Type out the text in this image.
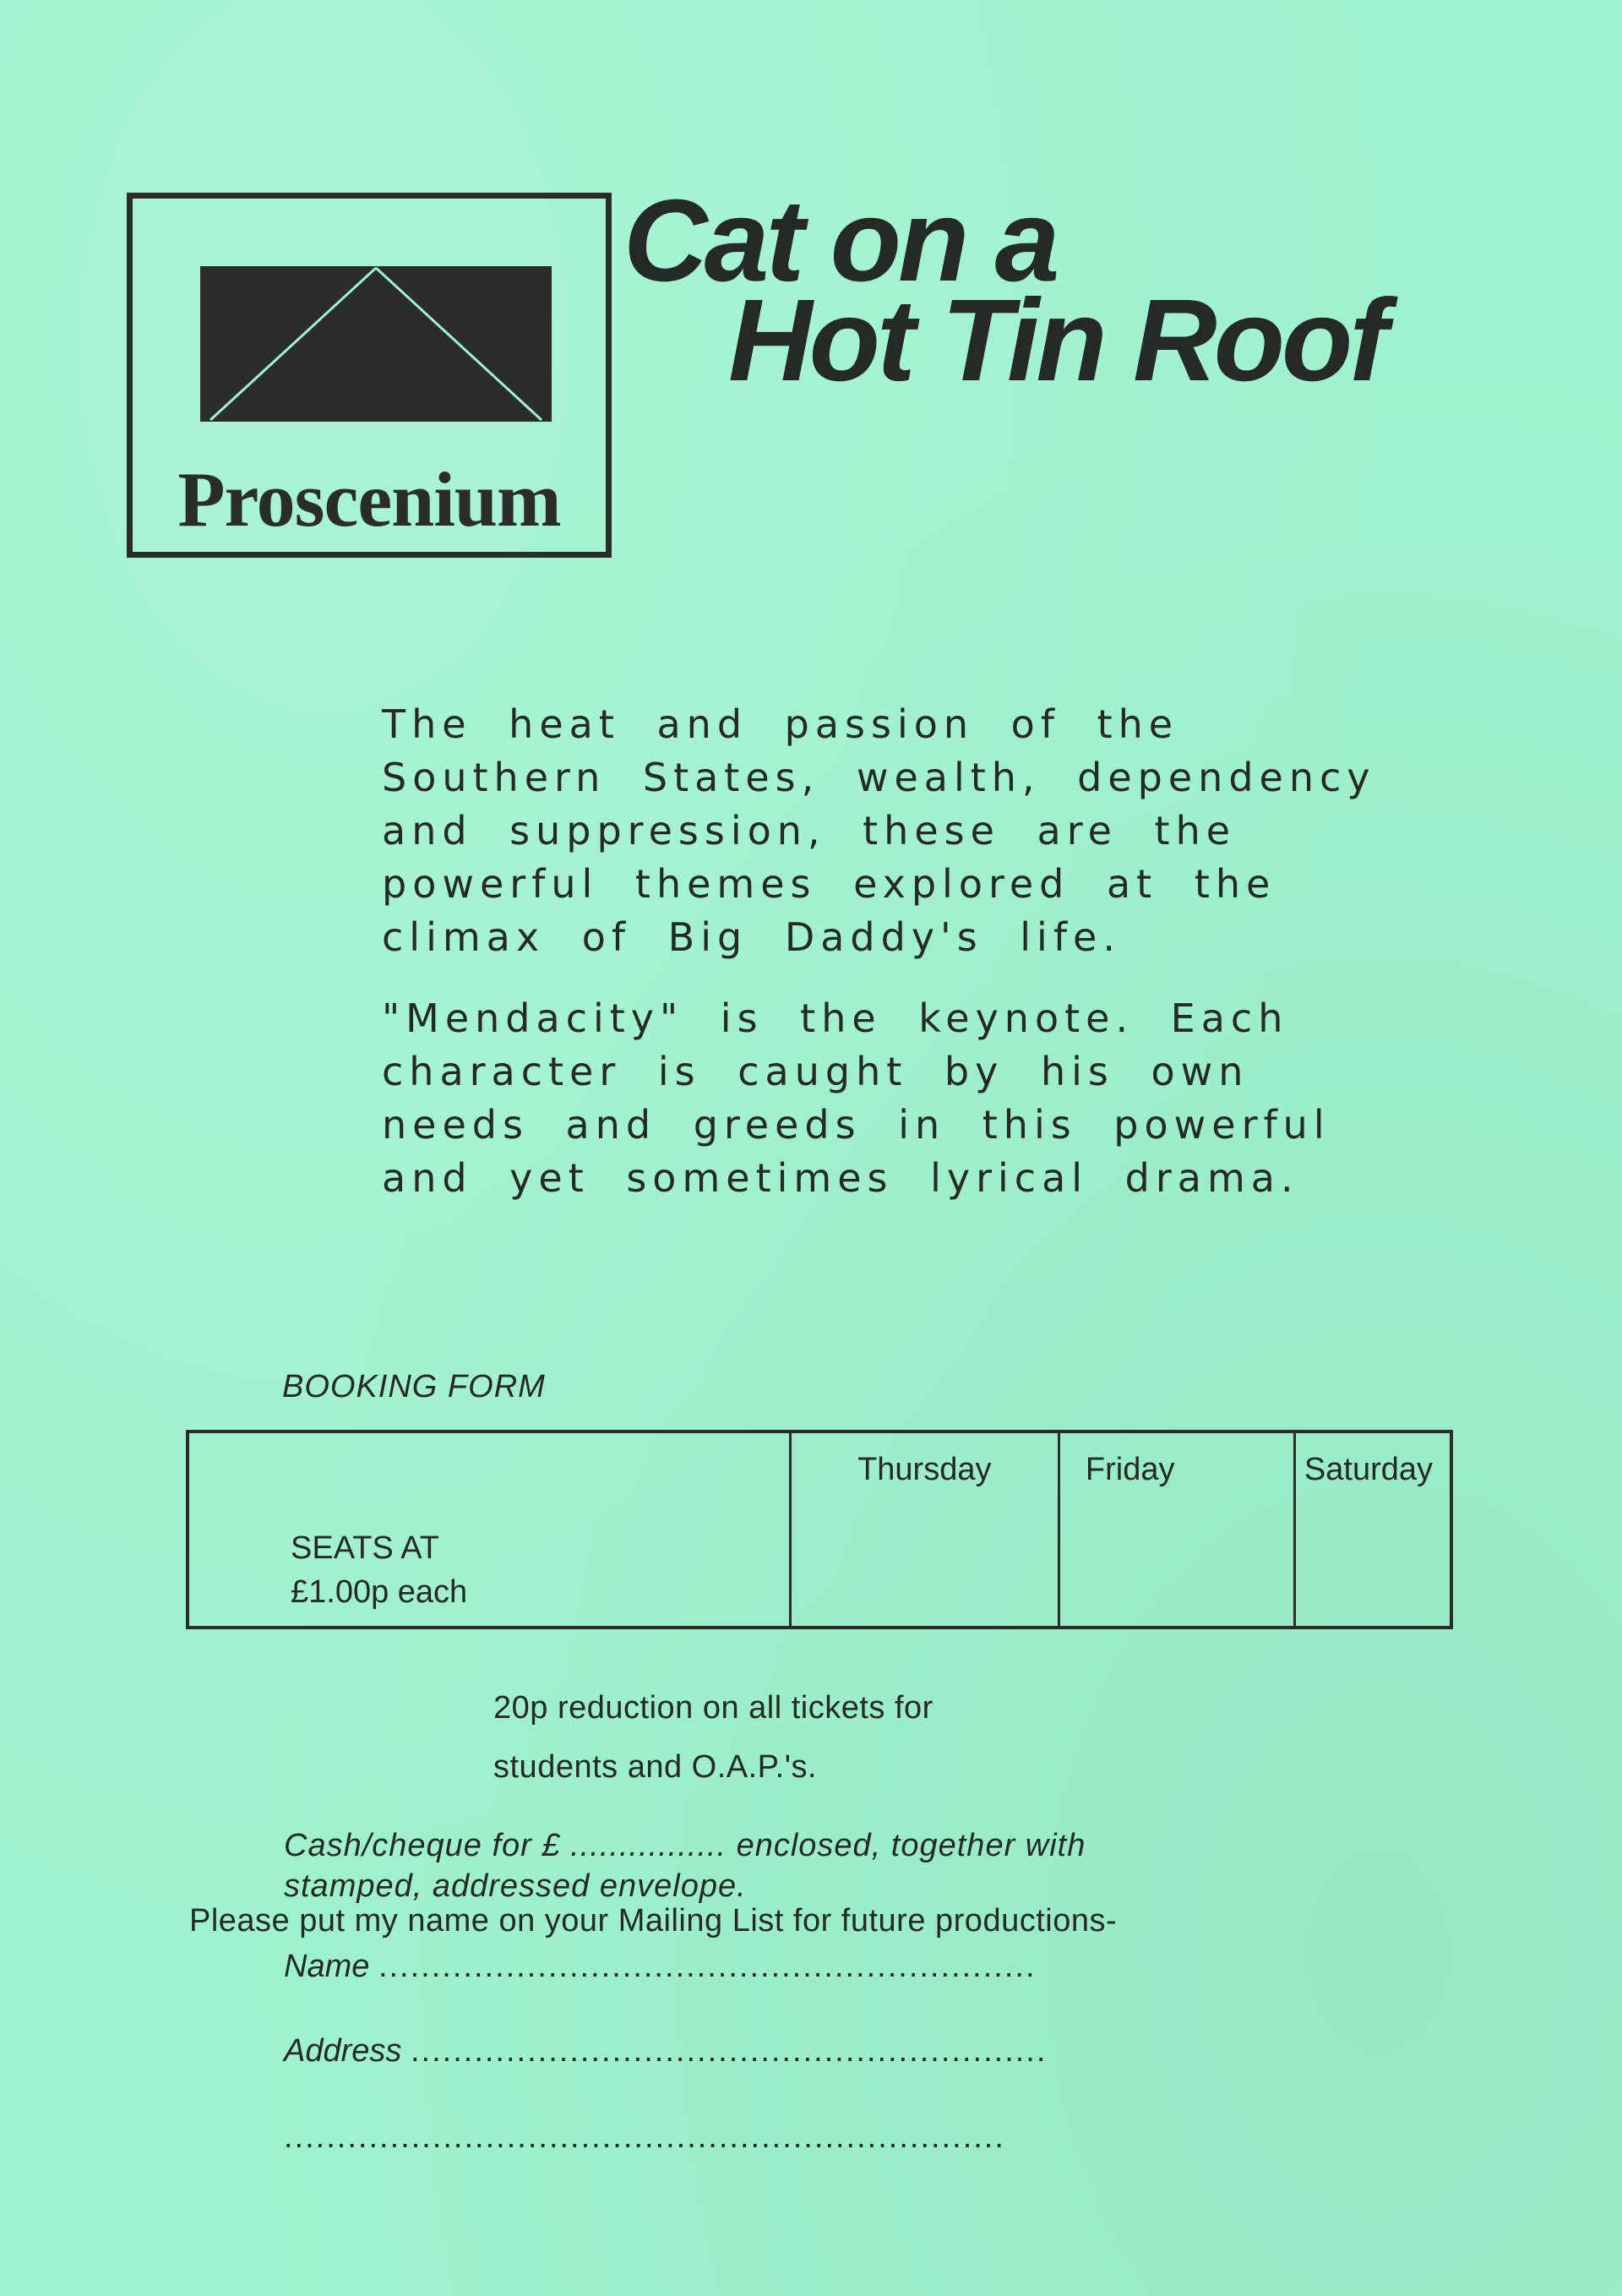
Proscenium
Cat on a
Hot Tin Roof

The heat and passion of the

Southern States, wealth, dependency

and suppression, these are the

powerful themes explored at the

climax of Big Daddy's life.

"Mendacity" is the keynote. Each

character is caught by his own

needs and greeds in this powerful

and yet sometimes lyrical drama.

BOOKING FORM
SEATS AT
£1.00p each
	Thursday	Friday	Saturday
20p reduction on all tickets for
students and O.A.P.'s.
Cash/cheque for £ ................ enclosed, together with
stamped, addressed envelope.
Please put my name on your Mailing List for future productions-
Name ..............................................................
Address ............................................................
....................................................................
